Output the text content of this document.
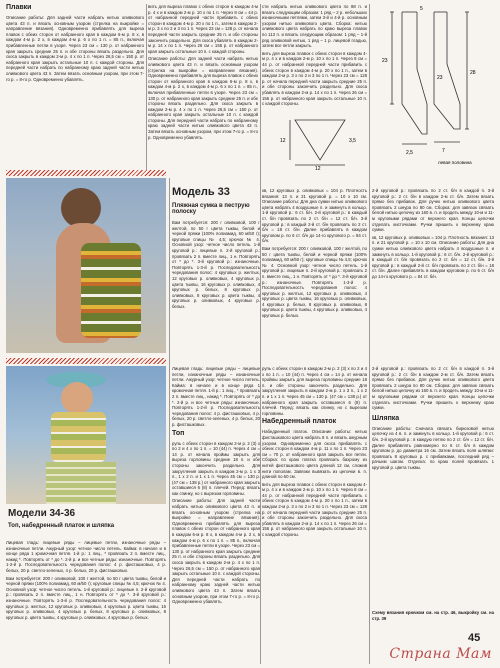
Плавки

Описание работы: Для задней части набрать нитью оливкового цвета 43 п. и вязать основным узором (стрелка на выкройке = направление вязания). Одновременно прибавлять для выреза плавок с обеих сторон от набранного края в каждом 6-м р. 8 х, в каждом 4-м р. 2 х, в каждом 4-м р. 6 х по 1 п. = 85 п., включая прибавленные петли в узоре. Через 23 см = 130 р. от набранного края закрыть средние 25 п. и обе стороны вязать раздельно. Для скоса закрыть в каждом 2-м р. 4 х по 1 п. Через 26,5 см = 150 р. от набранного края закрыть остальные 10 п. с каждой стороны. Для передней части набрать по набранному краю задней части нитью оливкового цвета 43 п. Затем вязать основным узором, при этом 7-го р. = 8-го р. Одновременно убавлять.

вить для выреза плавок с обеих сторон в каждом 4-м р. 4 х и в каждом 2-м р. 10 х по 1 п. Через 8 см = 44 р. от набранной передней части прибавить с обеих сторон в каждом 4-м р. 20 х по 1 п., затем в каждом 2-м р. 3 х по 2 и 3 по 1 п. Через 23 см = 128 р. от начала передней части закрыть средние 25 п. и обе стороны закончить раздельно. Для скоса убавлять в каждом 2-м р. 14 х по 1 п. Через 26 см = 156 р. от набранного края закрыть остальные 10 п. с каждой стороны.

Описание работы: Для задней части набрать нитью оливкового цвета 43 п. и вязать основным узором (стрелка на выкройке = направление вязания). Одновременно прибавлять для выреза плавок с обеих сторон от набранного края в каждом 6-м р. 8 х, в каждом 4-м р. 2 х, в каждом 4-м р. 6 х по 1 п. = 85 п., включая прибавленные петли в узоре. Через 23 см = 130 р. от набранного края закрыть средние 25 п. и обе стороны вязать раздельно. Для скоса закрыть в каждом 2-м р. 4 х по 1 п. Через 26,5 см = 150 р. от набранного края закрыть остальные 10 п. с каждой стороны. Для передней части набрать по набранному краю задней части нитью оливкового цвета 43 п. Затем вязать основным узором, при этом 7-го р. = 8-го р. Одновременно убавлять.

сти набрать нитью оливкового цвета по 88 п. и вязать следующим образом: 1 ряд – 2 р. небольших изнаночными петлями, затем 3-й и 4-й р. основным узором нитью оливкового цвета. Сборка: нитью оливкового цвета набрать по краю выреза плавок по 113 п. и вязать следующим образом: 1 ряд – 1-й ряд оливковой нитью, 1 ряд – 1 р. лицевой гладью, затем все петли закрыть.

вить для выреза плавок с обеих сторон в каждом 4-м р. 4 х и в каждом 2-м р. 10 х по 1 п. Через 8 см = 44 р. от набранной передней части прибавить с обеих сторон в каждом 4-м р. 20 х по 1 п., затем в каждом 2-м р. 3 х по 2 и 3 по 1 п. Через 23 см = 128 р. от начала передней части закрыть средние 25 п. и обе стороны закончить раздельно. Для скоса убавлять в каждом 2-м р. 14 х по 1 п. Через 26 см = 156 р. от набранного края закрыть остальные 10 п. с каждой стороны.

23
28
5
23
2,5	7
левая половина
12	3,5
12
Модель 33
Пляжная сумка в пеструю полоску

Вам потребуется: 200 г оливковой, 100 г желтой, по 50 г цвета тыквы, белой и черной пряжи (100% полиамид, 60 м/50 г); круговые спицы № 4,5; крючок № 4. Основной узор: четное число петель. 1-й круговой р.: лицевые п. 2-й круговой р.: провязать 2 п. вместе лиц., 1 н. Повторять от * до *. 3-й круговой р.: изнаночные. Повторять 1-3-й р. Последовательность чередования полос: 4 круговых р. желтых, 12 круговых р. оливковых, 4 круговых р. цвета тыквы, 16 круговых р. оливковых, 4 круговых р. белых, 8 круговых р. оливковых, 8 круговых р. цвета тыквы, 4 круговых р. оливковых, 4 круговых р. белых.

кв, 12 круговых р. оливковых = 104 р. Плотность вязания: 13 п. и 21 круговой р. = 10 х 10 см. Описание работы: Для дна сумки нитью оливкового цвета набрать 4 воздушные п. и замкнуть в кольцо. 1-й круговой р.: 6 ст. б/н. 2-й круговой р.: в каждый ст. б/н провязать по 2 ст. б/н = 12 ст. б/н. 3-й круговой р.: в каждый 2-й ст. б/н провязать по 2 ст. б/н = 18 ст. б/н. Далее прибавлять в каждом круговом р. по 6 ст. б/н до 14-го кругового р. = 84 ст. б/н.

Вам потребуется: 200 г оливковой, 100 г желтой, по 50 г цвета тыквы, белой и черной пряжи (100% полиамид, 60 м/50 г); круговые спицы № 4,5; крючок № 4. Основной узор: четное число петель. 1-й круговой р.: лицевые п. 2-й круговой р.: провязать 2 п. вместе лиц., 1 н. Повторять от * до *. 3-й круговой р.: изнаночные. Повторять 1-3-й р. Последовательность чередования полос: 4 круговых р. желтых, 12 круговых р. оливковых, 4 круговых р. цвета тыквы, 16 круговых р. оливковых, 4 круговых р. белых, 8 круговых р. оливковых, 8 круговых р. цвета тыквы, 4 круговых р. оливковых, 4 круговых р. белых.

2-й круговой р.: провязать по 2 ст. б/н в каждой п. 3-й круговой р.: 2 ст. б/н в каждом 2-м ст. б/н. Затем вязать прямо без прибавок. Для ручек нитью оливкового цвета провязать 2 шнура по 80 см. Сборка: для завязок связать белой нитью цепочку из 160 в. п. и продеть между 10-м и 11-м круговыми рядами от верхнего края. Концы цепочки отделать кисточками. Ручки пришить к верхнему краю сумки.

кв, 12 круговых р. оливковых = 104 р. Плотность вязания: 13 п. и 21 круговой р. = 10 х 10 см. Описание работы: Для дна сумки нитью оливкового цвета набрать 4 воздушные п. и замкнуть в кольцо. 1-й круговой р.: 6 ст. б/н. 2-й круговой р.: в каждый ст. б/н провязать по 2 ст. б/н = 12 ст. б/н. 3-й круговой р.: в каждый 2-й ст. б/н провязать по 2 ст. б/н = 18 ст. б/н. Далее прибавлять в каждом круговом р. по 6 ст. б/н до 14-го кругового р. = 84 ст. б/н.

Модели 34-36
Топ, набедренный платок и шляпка

Лицевая гладь: лицевые ряды – лицевые петли, изнаночные ряды – изнаночные петли. Ажурный узор: четное число петель. Кайма: в начале и в конце ряда 1 кромочная петля. 1-й р.: 1 лиц., * провязать 2 п. вместе лиц., накид *. Повторять от * до *. 2-й р. и все четные ряды: изнаночные. Повторять 1-2-й р. Последовательность чередования полос: 4 р. фисташковых, 4 р. белых, 20 р. светло-зеленых, 4 р. белых, 20 р. фисташковых.

Вам потребуется: 200 г оливковой, 100 г желтой, по 50 г цвета тыквы, белой и черной пряжи (100% полиамид, 60 м/50 г); круговые спицы № 4,5; крючок № 4. Основной узор: четное число петель. 1-й круговой р.: лицевые п. 2-й круговой р.: провязать 2 п. вместе лиц., 1 н. Повторять от * до *. 3-й круговой р.: изнаночные. Повторять 1-3-й р. Последовательность чередования полос: 4 круговых р. желтых, 12 круговых р. оливковых, 4 круговых р. цвета тыквы, 16 круговых р. оливковых, 4 круговых р. белых, 8 круговых р. оливковых, 8 круговых р. цвета тыквы, 4 круговых р. оливковых, 4 круговых р. белых.

Лицевая гладь: лицевые ряды – лицевые петли, изнаночные ряды – изнаночные петли. Ажурный узор: четное число петель. Кайма: в начале и в конце ряда 1 кромочная петля. 1-й р.: 1 лиц., * провязать 2 п. вместе лиц., накид *. Повторять от * до *. 2-й р. и все четные ряды: изнаночные. Повторять 1-2-й р. Последовательность чередования полос: 4 р. фисташковых, 4 р. белых, 20 р. светло-зеленых, 4 р. белых, 20 р. фисташковых.

Топ

рупь с обеих сторон в каждом 2-м р. 2 (3) х по 2 и 4 х по 1 п. = 10 (44) п. Через 4 см = 14 р. от начала проймы закрыть для выреза горловины средние 18 п. и обе стороны закончить раздельно. Для закругления закрыть в каждом 2-м р. 1 х 3 п., 1 х 2 п. и 1 х 1 п. Через 45 см = 130 р. (47 см = 138 р.) от набранного края закрыть оставшиеся 6 (8) п. плечей. Перед: вязать как спинку, но с вырезом горловины.

Описание работы: Для задней части набрать нитью оливкового цвета 43 п. и вязать основным узором (стрелка на выкройке = направление вязания). Одновременно прибавлять для выреза плавок с обеих сторон от набранного края в каждом 6-м р. 8 х, в каждом 4-м р. 2 х, в каждом 4-м р. 6 х по 1 п. = 85 п., включая прибавленные петли в узоре. Через 23 см = 130 р. от набранного края закрыть средние 25 п. и обе стороны вязать раздельно. Для скоса закрыть в каждом 2-м р. 4 х по 1 п. Через 26,5 см = 150 р. от набранного края закрыть остальные 10 п. с каждой стороны. Для передней части набрать по набранному краю задней части нитью оливкового цвета 43 п. Затем вязать основным узором, при этом 7-го р. = 8-го р. Одновременно убавлять.

рупь с обеих сторон в каждом 2-м р. 2 (3) х по 2 и 4 х по 1 п. = 10 (44) п. Через 4 см = 14 р. от начала проймы закрыть для выреза горловины средние 18 п. и обе стороны закончить раздельно. Для закругления закрыть в каждом 2-м р. 1 х 3 п., 1 х 2 п. и 1 х 1 п. Через 45 см = 130 р. (47 см = 138 р.) от набранного края закрыть оставшиеся 6 (8) п. плечей. Перед: вязать как спинку, но с вырезом горловины.

Набедренный платок

Набедренный платок. Описание работы: нитью фисташкового цвета набрать 8 п. и вязать ажурным узором. Одновременно для скоса прибавлять с обеих сторон в каждом 4-м р. 11 х по 1 п. Через 23 см = 70 р. от набранного края закрыть все петли. Сборка: по краю платка провязать бахрому из нитей фисташкового цвета длиной 12 см, сложив нити пополам. Завязки вывязать из цепочки в. п. длиной по 60 см.

вить для выреза плавок с обеих сторон в каждом 4-м р. 4 х и в каждом 2-м р. 10 х по 1 п. Через 8 см = 44 р. от набранной передней части прибавить с обеих сторон в каждом 4-м р. 20 х по 1 п., затем в каждом 2-м р. 3 х по 2 и 3 по 1 п. Через 23 см = 128 р. от начала передней части закрыть средние 25 п. и обе стороны закончить раздельно. Для скоса убавлять в каждом 2-м р. 14 х по 1 п. Через 26 см = 156 р. от набранного края закрыть остальные 10 п. с каждой стороны.

2-й круговой р.: провязать по 2 ст. б/н в каждой п. 3-й круговой р.: 2 ст. б/н в каждом 2-м ст. б/н. Затем вязать прямо без прибавок. Для ручек нитью оливкового цвета провязать 2 шнура по 80 см. Сборка: для завязок связать белой нитью цепочку из 160 в. п. и продеть между 10-м и 11-м круговыми рядами от верхнего края. Концы цепочки отделать кисточками. Ручки пришить к верхнему краю сумки.

Шляпка

Описание работы: Сначала связать бирюзовой нитью цепочку из 4 в. п. и замкнуть в кольцо. 1-й круговой р.: 6 ст. б/н. 2-й круговой р.: в каждую петлю по 2 ст. б/н = 12 ст. б/н. Далее прибавлять равномерно по 6 ст. б/н в каждом круговом р. до диаметра 16 см. Затем вязать поля шляпки: провязать 8 круговых р. с прибавками, последний ряд – рачьим шагом. Отделка: по краю полей провязать 1 круговой р. цвета тыквы.

Схему вязания крючком см. на стр. 46, выкройку см. на стр. 39

45
Страна Мам
